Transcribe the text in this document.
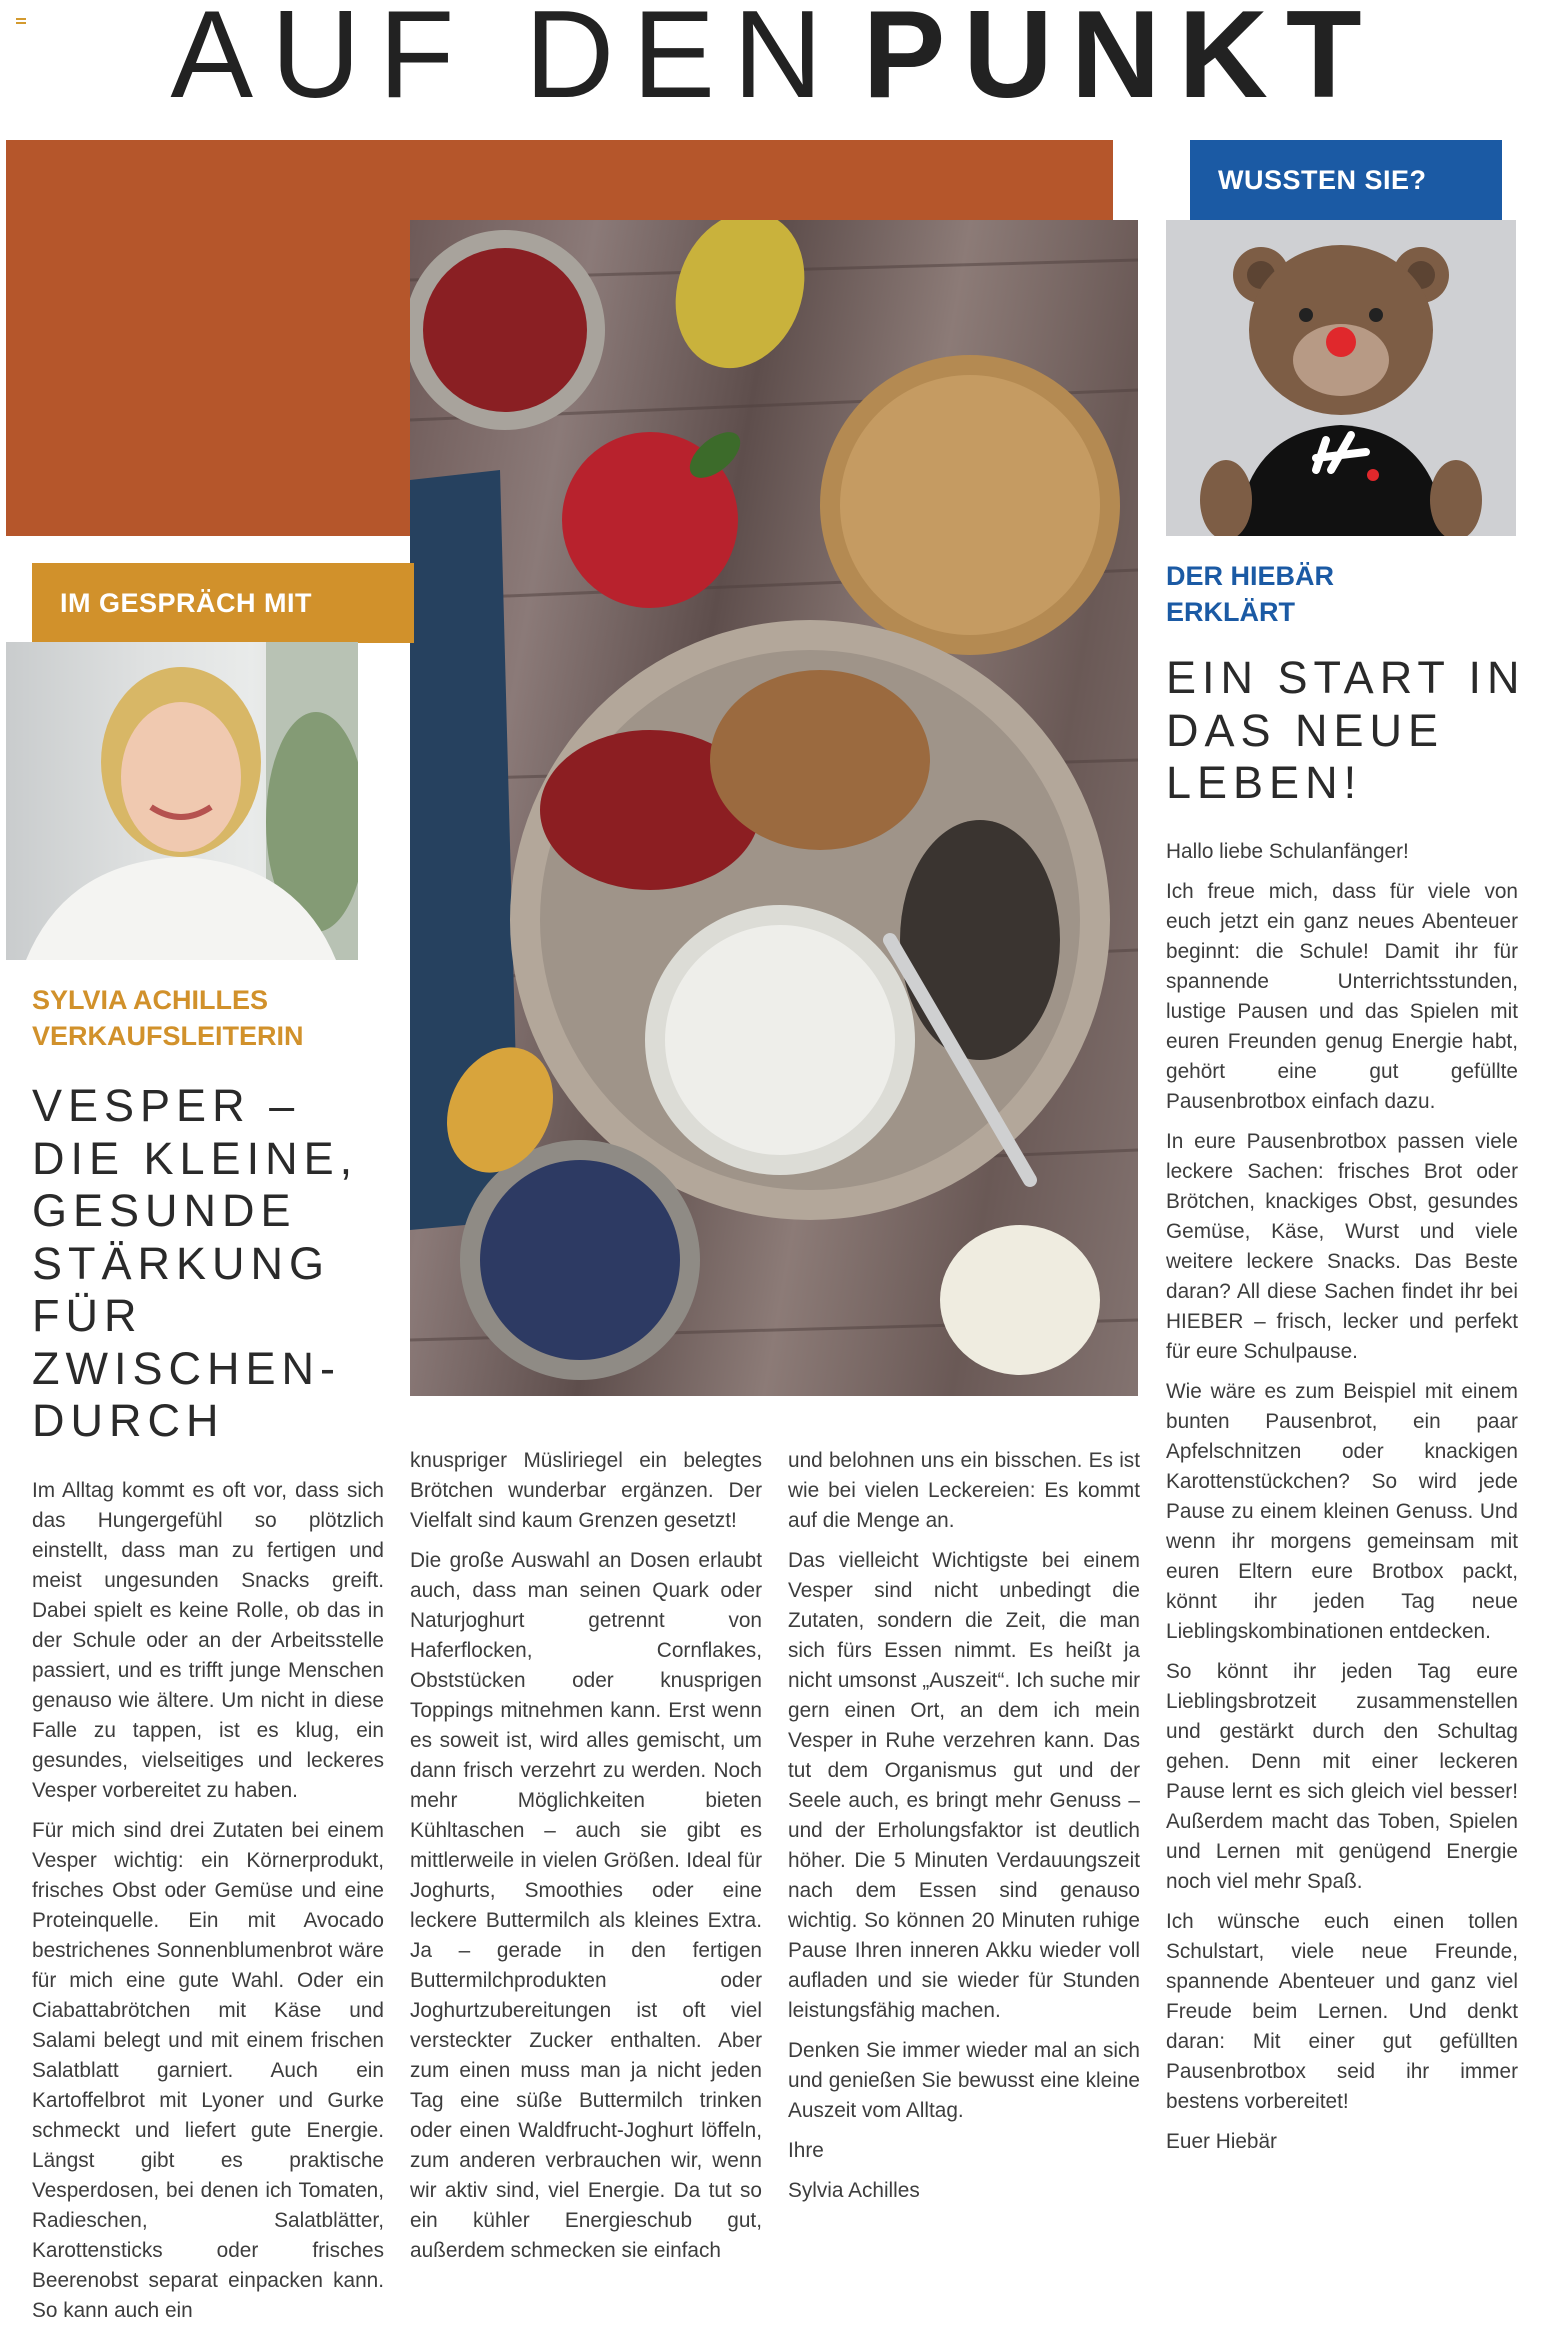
AUF DEN PUNKT
IM GESPRÄCH MIT
WUSSTEN SIE?
SYLVIA ACHILLES
VERKAUFSLEITERIN
DER HIEBÄR
ERKLÄRT
VESPER –
DIE KLEINE,
GESUNDE
STÄRKUNG
FÜR
ZWISCHEN-
DURCH
EIN START IN
DAS NEUE
LEBEN!

Im Alltag kommt es oft vor, dass sich das Hungergefühl so plötzlich einstellt, dass man zu fertigen und meist ungesunden Snacks greift. Dabei spielt es keine Rolle, ob das in der Schule oder an der Arbeitsstelle passiert, und es trifft junge Menschen genauso wie ältere. Um nicht in diese Falle zu tappen, ist es klug, ein gesundes, vielseitiges und leckeres Vesper vorbereitet zu haben.

Für mich sind drei Zutaten bei einem Vesper wichtig: ein Körnerprodukt, frisches Obst oder Gemüse und eine Proteinquelle. Ein mit Avocado bestrichenes Sonnenblumenbrot wäre für mich eine gute Wahl. Oder ein Ciabattabrötchen mit Käse und Salami belegt und mit einem frischen Salatblatt garniert. Auch ein Kartoffelbrot mit Lyoner und Gurke schmeckt und liefert gute Energie. Längst gibt es praktische Vesperdosen, bei denen ich Tomaten, Radieschen, Salatblätter, Karottensticks oder frisches Beerenobst separat einpacken kann. So kann auch ein

knuspriger Müsliriegel ein belegtes Brötchen wunderbar ergänzen. Der Vielfalt sind kaum Grenzen gesetzt!

Die große Auswahl an Dosen erlaubt auch, dass man seinen Quark oder Naturjoghurt getrennt von Haferflocken, Cornflakes, Obststücken oder knusprigen Toppings mitnehmen kann. Erst wenn es soweit ist, wird alles gemischt, um dann frisch verzehrt zu werden. Noch mehr Möglichkeiten bieten Kühltaschen – auch sie gibt es mittlerweile in vielen Größen. Ideal für Joghurts, Smoothies oder eine leckere Buttermilch als kleines Extra. Ja – gerade in den fertigen Buttermilchprodukten oder Joghurtzubereitungen ist oft viel versteckter Zucker enthalten. Aber zum einen muss man ja nicht jeden Tag eine süße Buttermilch trinken oder einen Waldfrucht-Joghurt löffeln, zum anderen verbrauchen wir, wenn wir aktiv sind, viel Energie. Da tut so ein kühler Energieschub gut, außerdem schmecken sie einfach

und belohnen uns ein bisschen. Es ist wie bei vielen Leckereien: Es kommt auf die Menge an.

Das vielleicht Wichtigste bei einem Vesper sind nicht unbedingt die Zutaten, sondern die Zeit, die man sich fürs Essen nimmt. Es heißt ja nicht umsonst „Auszeit“. Ich suche mir gern einen Ort, an dem ich mein Vesper in Ruhe verzehren kann. Das tut dem Organismus gut und der Seele auch, es bringt mehr Genuss – und der Erholungsfaktor ist deutlich höher. Die 5 Minuten Verdauungszeit nach dem Essen sind genauso wichtig. So können 20 Minuten ruhige Pause Ihren inneren Akku wieder voll aufladen und sie wieder für Stunden leistungsfähig machen.

Denken Sie immer wieder mal an sich und genießen Sie bewusst eine kleine Auszeit vom Alltag.

Ihre

Sylvia Achilles

Hallo liebe Schulanfänger!

Ich freue mich, dass für viele von euch jetzt ein ganz neues Abenteuer beginnt: die Schule! Damit ihr für spannende Unterrichtsstunden, lustige Pausen und das Spielen mit euren Freunden genug Energie habt, gehört eine gut gefüllte Pausenbrotbox einfach dazu.

In eure Pausenbrotbox passen viele leckere Sachen: frisches Brot oder Brötchen, knackiges Obst, gesundes Gemüse, Käse, Wurst und viele weitere leckere Snacks. Das Beste daran? All diese Sachen findet ihr bei HIEBER – frisch, lecker und perfekt für eure Schulpause.

Wie wäre es zum Beispiel mit einem bunten Pausenbrot, ein paar Apfelschnitzen oder knackigen Karottenstückchen? So wird jede Pause zu einem kleinen Genuss. Und wenn ihr morgens gemeinsam mit euren Eltern eure Brotbox packt, könnt ihr jeden Tag neue Lieblingskombinationen entdecken.

So könnt ihr jeden Tag eure Lieblingsbrotzeit zusammenstellen und gestärkt durch den Schultag gehen. Denn mit einer leckeren Pause lernt es sich gleich viel besser! Außerdem macht das Toben, Spielen und Lernen mit genügend Energie noch viel mehr Spaß.

Ich wünsche euch einen tollen Schulstart, viele neue Freunde, spannende Abenteuer und ganz viel Freude beim Lernen. Und denkt daran: Mit einer gut gefüllten Pausenbrotbox seid ihr immer bestens vorbereitet!

Euer Hiebär
